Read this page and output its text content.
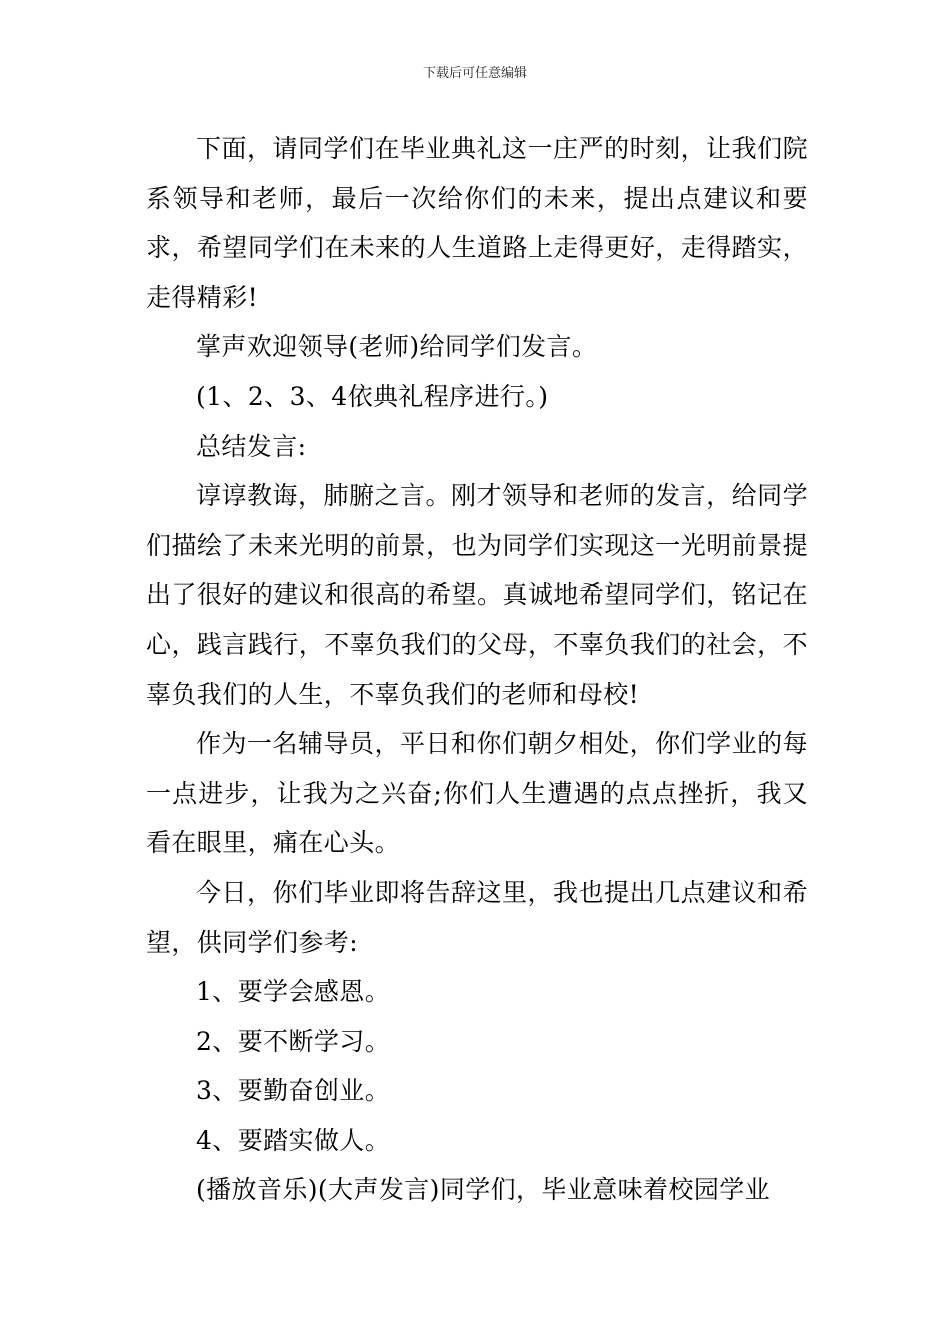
下载后可任意编辑

下面，请同学们在毕业典礼这一庄严的时刻，让我们院系领导和老师，最后一次给你们的未来，提出点建议和要求，希望同学们在未来的人生道路上走得更好，走得踏实，走得精彩!

掌声欢迎领导(老师)给同学们发言。

(1、2、3、4依典礼程序进行。)

总结发言:

谆谆教诲，肺腑之言。刚才领导和老师的发言，给同学们描绘了未来光明的前景，也为同学们实现这一光明前景提出了很好的建议和很高的希望。真诚地希望同学们，铭记在心，践言践行，不辜负我们的父母，不辜负我们的社会，不辜负我们的人生，不辜负我们的老师和母校!

作为一名辅导员，平日和你们朝夕相处，你们学业的每一点进步，让我为之兴奋;你们人生遭遇的点点挫折，我又看在眼里，痛在心头。

今日，你们毕业即将告辞这里，我也提出几点建议和希望，供同学们参考:

1、要学会感恩。

2、要不断学习。

3、要勤奋创业。

4、要踏实做人。

(播放音乐)(大声发言)同学们，毕业意味着校园学业
